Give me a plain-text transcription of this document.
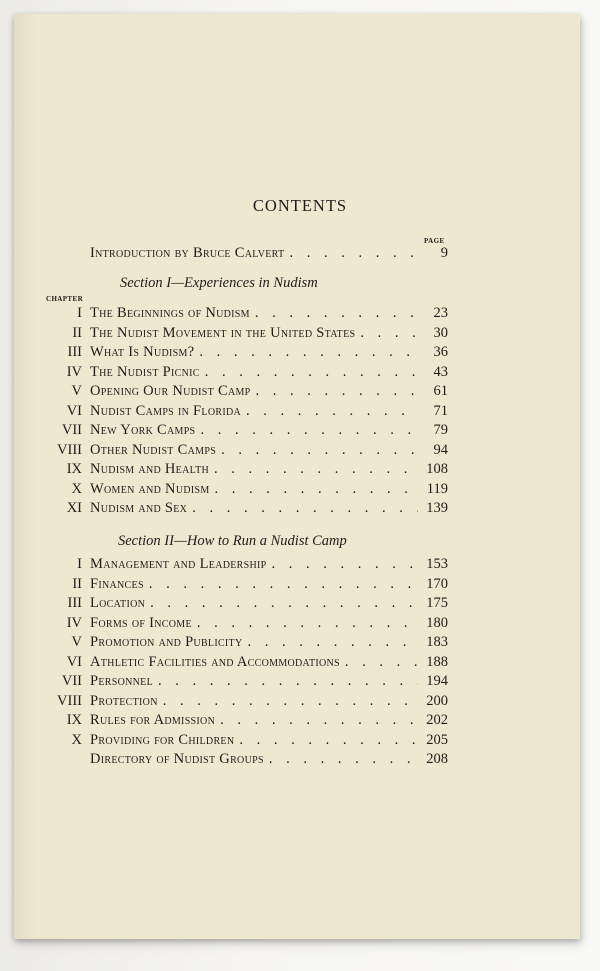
CONTENTS
PAGE
Introduction by Bruce Calvert . . .	9
Section I—Experiences in Nudism
CHAPTER
I The Beginnings of Nudism . . .	23
II The Nudist Movement in the United States . . .	30
III What Is Nudism? . . .	36
IV The Nudist Picnic . . .	43
V Opening Our Nudist Camp . . .	61
VI Nudist Camps in Florida . . .	71
VII New York Camps . . .	79
VIII Other Nudist Camps . . .	94
IX Nudism and Health . . .	108
X Women and Nudism . . .	119
XI Nudism and Sex . . .	139
Section II—How to Run a Nudist Camp
I Management and Leadership . . .	153
II Finances . . .	170
III Location . . .	175
IV Forms of Income . . .	180
V Promotion and Publicity . . .	183
VI Athletic Facilities and Accommodations . . .	188
VII Personnel . . .	194
VIII Protection . . .	200
IX Rules for Admission . . .	202
X Providing for Children . . .	205
Directory of Nudist Groups . . .	208
